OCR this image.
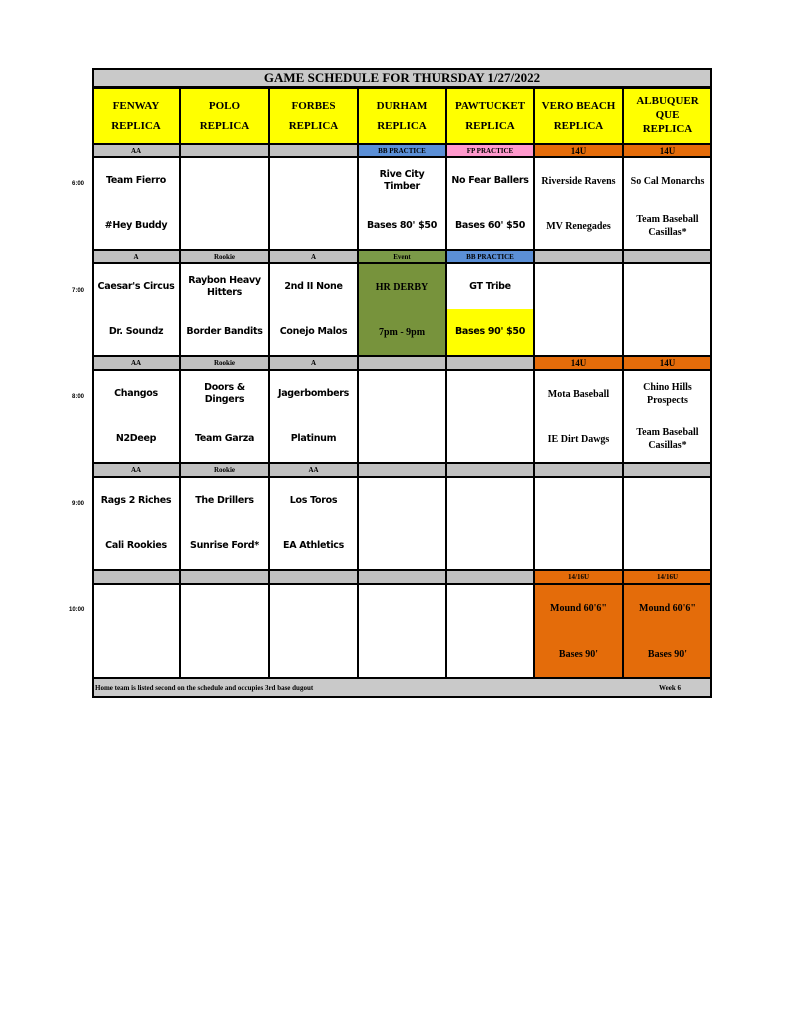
GAME SCHEDULE FOR THURSDAY 1/27/2022
FENWAY
REPLICA
POLO
REPLICA
FORBES
REPLICA
DURHAM
REPLICA
PAWTUCKET
REPLICA
VERO BEACH
REPLICA
ALBUQUERQUE
REPLICA
6:00
AA
Team Fierro
#Hey Buddy
BB PRACTICE
Rive City Timber
Bases 80' $50
FP PRACTICE
No Fear Ballers
Bases 60' $50
14U
Riverside Ravens
MV Renegades
14U
So Cal Monarchs
Team Baseball Casillas*
7:00
A
Caesar's Circus
Dr. Soundz
Rookie
Raybon Heavy Hitters
Border Bandits
A
2nd II None
Conejo Malos
Event
HR DERBY
7pm - 9pm
BB PRACTICE
GT Tribe
Bases 90' $50
8:00
AA
Changos
N2Deep
Rookie
Doors & Dingers
Team Garza
A
Jagerbombers
Platinum
14U
Mota Baseball
IE Dirt Dawgs
14U
Chino Hills Prospects
Team Baseball Casillas*
9:00
AA
Rags 2 Riches
Cali Rookies
Rookie
The Drillers
Sunrise Ford*
AA
Los Toros
EA Athletics
10:00
14/16U
Mound 60'6"
Bases 90'
14/16U
Mound 60'6"
Bases 90'
Home team is listed second on the schedule and occupies 3rd base dugout	Week 6
